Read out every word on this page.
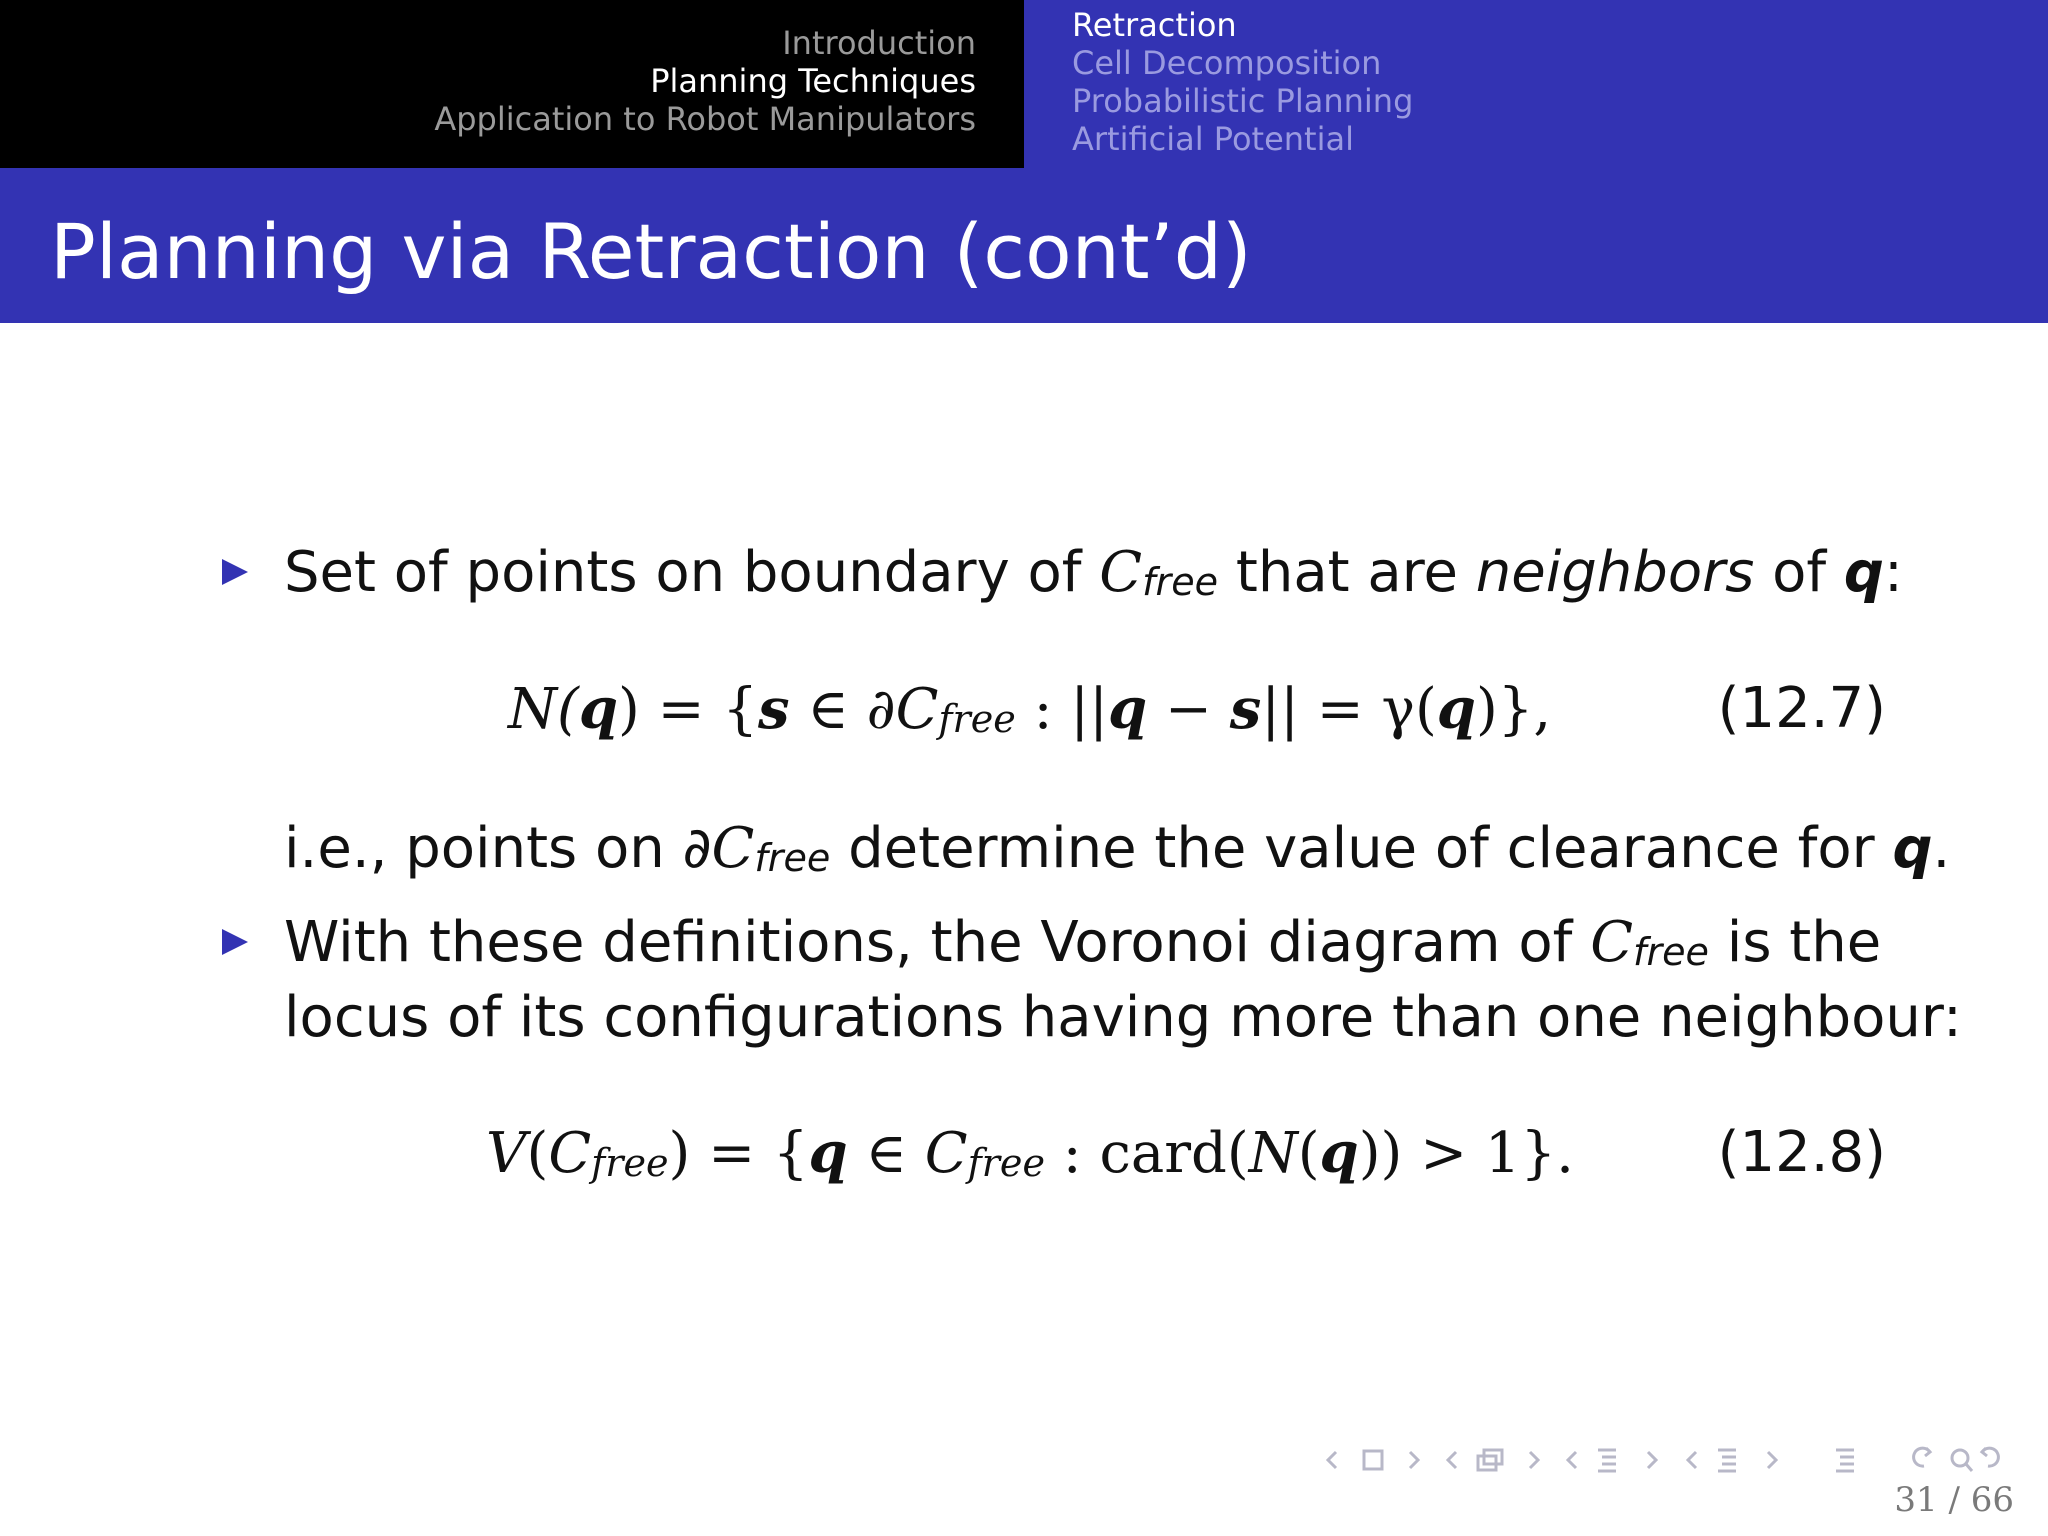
Introduction
Planning Techniques
Application to Robot Manipulators
Retraction
Cell Decomposition
Probabilistic Planning
Artificial Potential
Planning via Retraction (cont’d)
Set of points on boundary of $C_{free}$ that are neighbors of q:
N(q) = {s ∈ $\partial C_{free}$ : ||q − s|| = γ(q)},	(12.7)
i.e., points on $\partial C_{free}$ determine the value of clearance for q.
With these definitions, the Voronoi diagram of $C_{free}$ is the
locus of its configurations having more than one neighbour:
$V(C_{free}) = \{q$ ∈ $C_{free}$ : card(N(q)) > 1}.	(12.8)
31 / 66
